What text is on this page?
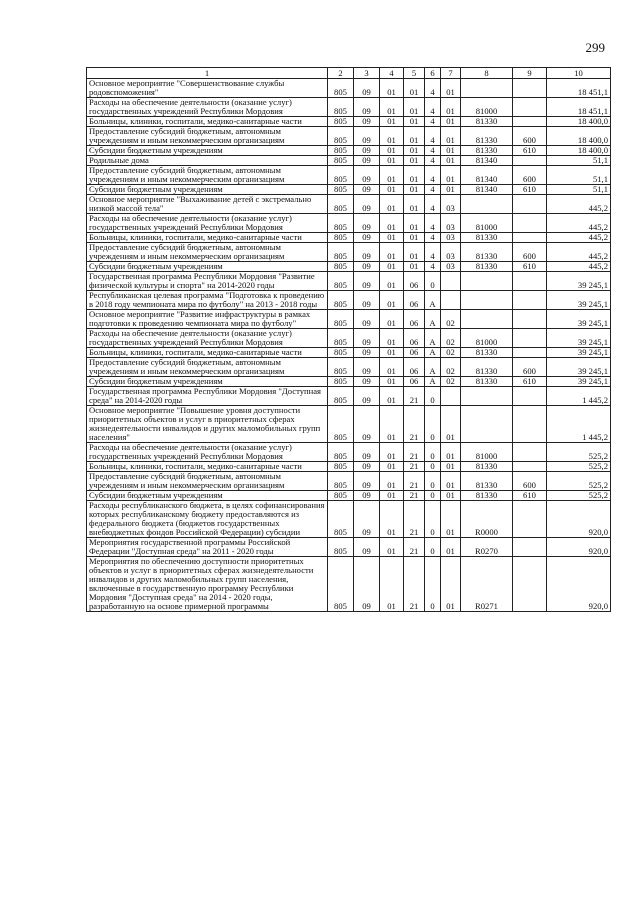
299
1	2	3	4	5	6	7	8	9	10
Основное мероприятие "Совершенствование службы родовспоможения"	805	09	01	01	4	01			18 451,1
Расходы на обеспечение деятельности (оказание услуг) государственных учреждений Республики Мордовия	805	09	01	01	4	01	81000		18 451,1
Больницы, клиники, госпитали, медико-санитарные части	805	09	01	01	4	01	81330		18 400,0
Предоставление субсидий бюджетным, автономным учреждениям и иным некоммерческим организациям	805	09	01	01	4	01	81330	600	18 400,0
Субсидии бюджетным учреждениям	805	09	01	01	4	01	81330	610	18 400,0
Родильные дома	805	09	01	01	4	01	81340		51,1
Предоставление субсидий бюджетным, автономным учреждениям и иным некоммерческим организациям	805	09	01	01	4	01	81340	600	51,1
Субсидии бюджетным учреждениям	805	09	01	01	4	01	81340	610	51,1
Основное мероприятие "Выхаживание детей с экстремально низкой массой тела"	805	09	01	01	4	03			445,2
Расходы на обеспечение деятельности (оказание услуг) государственных учреждений Республики Мордовия	805	09	01	01	4	03	81000		445,2
Больницы, клиники, госпитали, медико-санитарные части	805	09	01	01	4	03	81330		445,2
Предоставление субсидий бюджетным, автономным учреждениям и иным некоммерческим организациям	805	09	01	01	4	03	81330	600	445,2
Субсидии бюджетным учреждениям	805	09	01	01	4	03	81330	610	445,2
Государственная программа Республики Мордовия "Развитие физической культуры и спорта" на 2014-2020 годы	805	09	01	06	0				39 245,1
Республиканская целевая программа "Подготовка к проведению в 2018 году чемпионата мира по футболу" на 2013 - 2018 годы	805	09	01	06	А				39 245,1
Основное мероприятие "Развитие инфраструктуры в рамках подготовки к проведению чемпионата мира по футболу"	805	09	01	06	А	02			39 245,1
Расходы на обеспечение деятельности (оказание услуг) государственных учреждений Республики Мордовия	805	09	01	06	А	02	81000		39 245,1
Больницы, клиники, госпитали, медико-санитарные части	805	09	01	06	А	02	81330		39 245,1
Предоставление субсидий бюджетным, автономным учреждениям и иным некоммерческим организациям	805	09	01	06	А	02	81330	600	39 245,1
Субсидии бюджетным учреждениям	805	09	01	06	А	02	81330	610	39 245,1
Государственная программа Республики Мордовия "Доступная среда" на 2014-2020 годы	805	09	01	21	0				1 445,2
Основное мероприятие "Повышение уровня доступности приоритетных объектов и услуг в приоритетных сферах жизнедеятельности инвалидов и других маломобильных групп населения"	805	09	01	21	0	01			1 445,2
Расходы на обеспечение деятельности (оказание услуг) государственных учреждений Республики Мордовия	805	09	01	21	0	01	81000		525,2
Больницы, клиники, госпитали, медико-санитарные части	805	09	01	21	0	01	81330		525,2
Предоставление субсидий бюджетным, автономным учреждениям и иным некоммерческим организациям	805	09	01	21	0	01	81330	600	525,2
Субсидии бюджетным учреждениям	805	09	01	21	0	01	81330	610	525,2
Расходы республиканского бюджета, в целях софинансирования которых республиканскому бюджету предоставляются из федерального бюджета (бюджетов государственных внебюджетных фондов Российской Федерации) субсидии	805	09	01	21	0	01	R0000		920,0
Мероприятия государственной программы Российской Федерации "Доступная среда" на 2011 - 2020 годы	805	09	01	21	0	01	R0270		920,0
Мероприятия по обеспечению доступности приоритетных объектов и услуг в приоритетных сферах жизнедеятельности инвалидов и других маломобильных групп населения, включенные в государственную программу Республики Мордовия "Доступная среда" на 2014 - 2020 годы, разработанную на основе примерной программы	805	09	01	21	0	01	R0271		920,0
